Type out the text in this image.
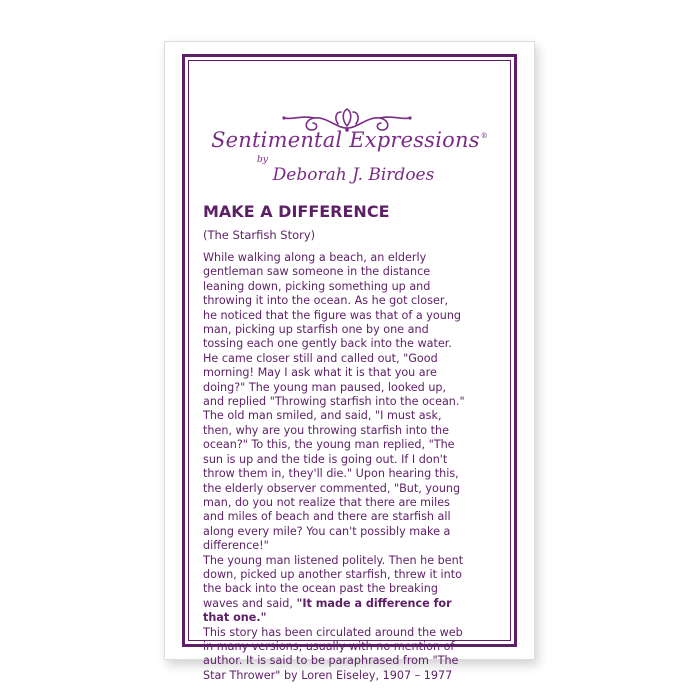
Sentimental Expressions®
by
Deborah J. Birdoes
MAKE A DIFFERENCE
(The Starfish Story)

While walking along a beach, an elderly

gentleman saw someone in the distance

leaning down, picking something up and

throwing it into the ocean. As he got closer,

he noticed that the figure was that of a young

man, picking up starfish one by one and

tossing each one gently back into the water.

He came closer still and called out, "Good

morning! May I ask what it is that you are

doing?" The young man paused, looked up,

and replied "Throwing starfish into the ocean."

The old man smiled, and said, "I must ask,

then, why are you throwing starfish into the

ocean?" To this, the young man replied, "The

sun is up and the tide is going out. If I don't

throw them in, they'll die." Upon hearing this,

the elderly observer commented, "But, young

man, do you not realize that there are miles

and miles of beach and there are starfish all

along every mile? You can't possibly make a

difference!"

The young man listened politely. Then he bent

down, picked up another starfish, threw it into

the back into the ocean past the breaking

waves and said, "It made a difference for

that one."

This story has been circulated around the web

in many versions, usually with no mention of

author. It is said to be paraphrased from "The

Star Thrower" by Loren Eiseley, 1907 – 1977
